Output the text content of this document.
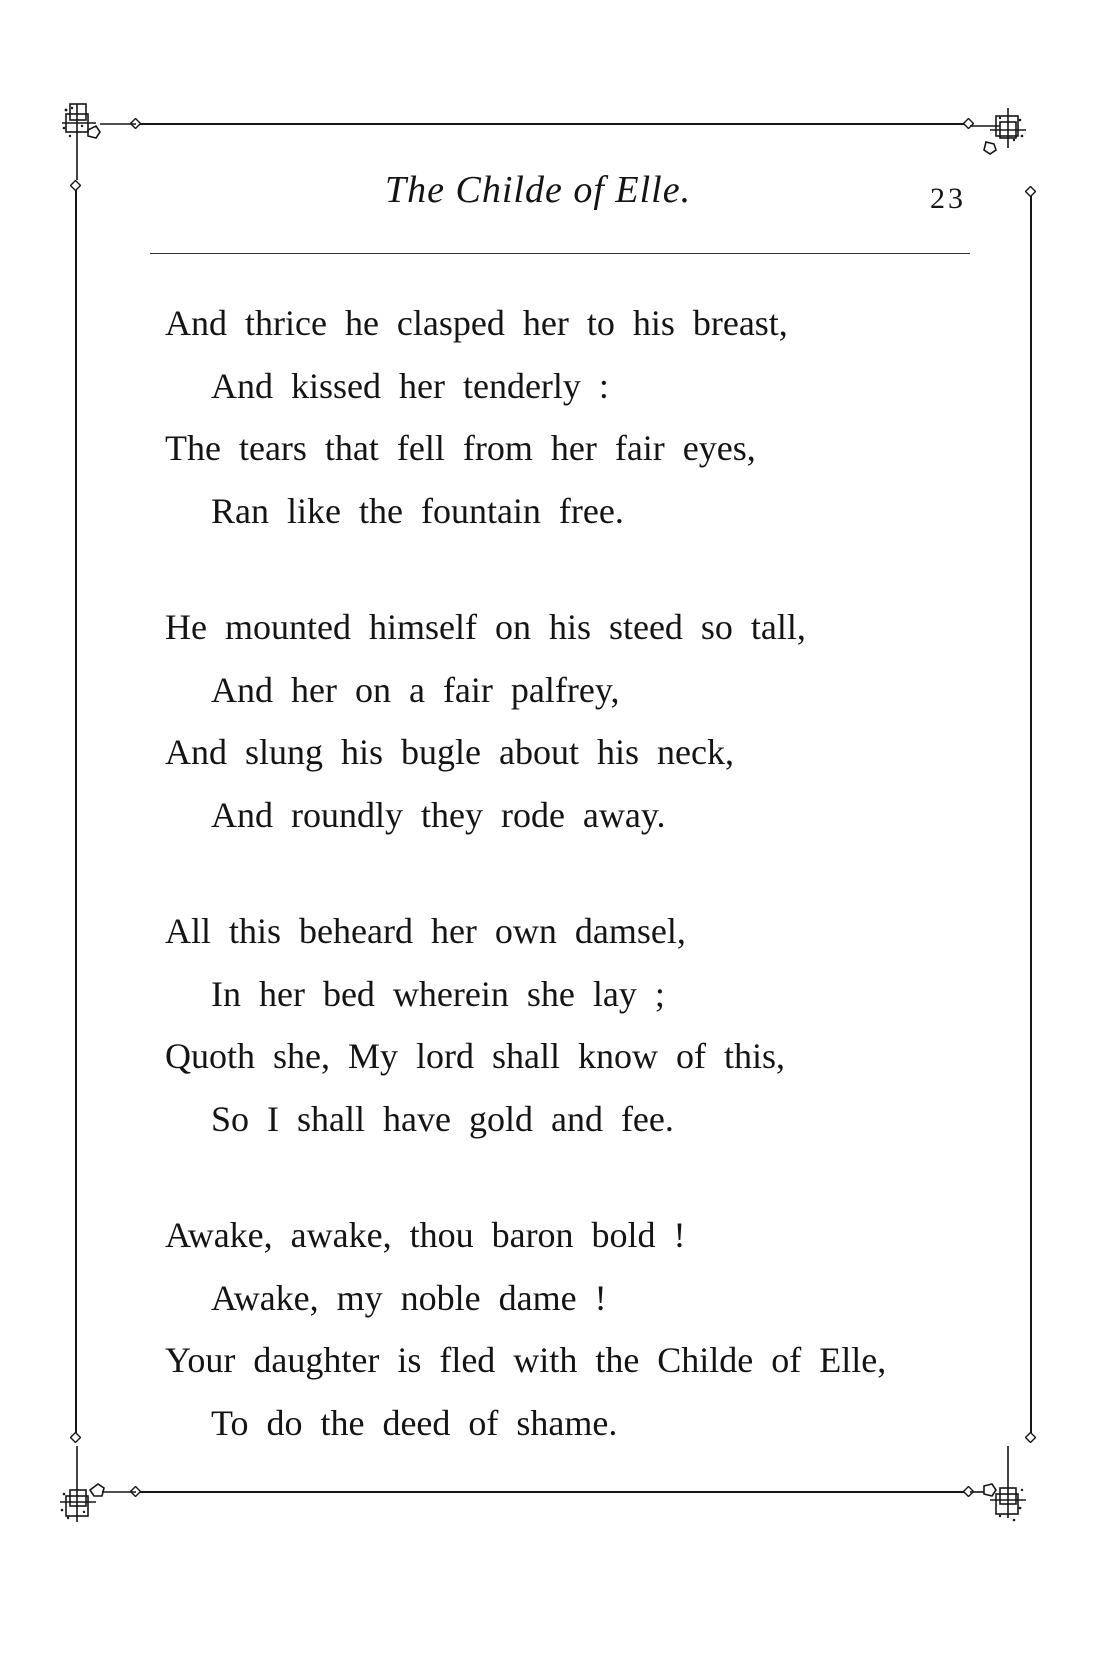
The Childe of Elle.	23
And thrice he clasped her to his breast,
And kissed her tenderly :
The tears that fell from her fair eyes,
Ran like the fountain free.
He mounted himself on his steed so tall,
And her on a fair palfrey,
And slung his bugle about his neck,
And roundly they rode away.
All this beheard her own damsel,
In her bed wherein she lay ;
Quoth she, My lord shall know of this,
So I shall have gold and fee.
Awake, awake, thou baron bold !
Awake, my noble dame !
Your daughter is fled with the Childe of Elle,
To do the deed of shame.
